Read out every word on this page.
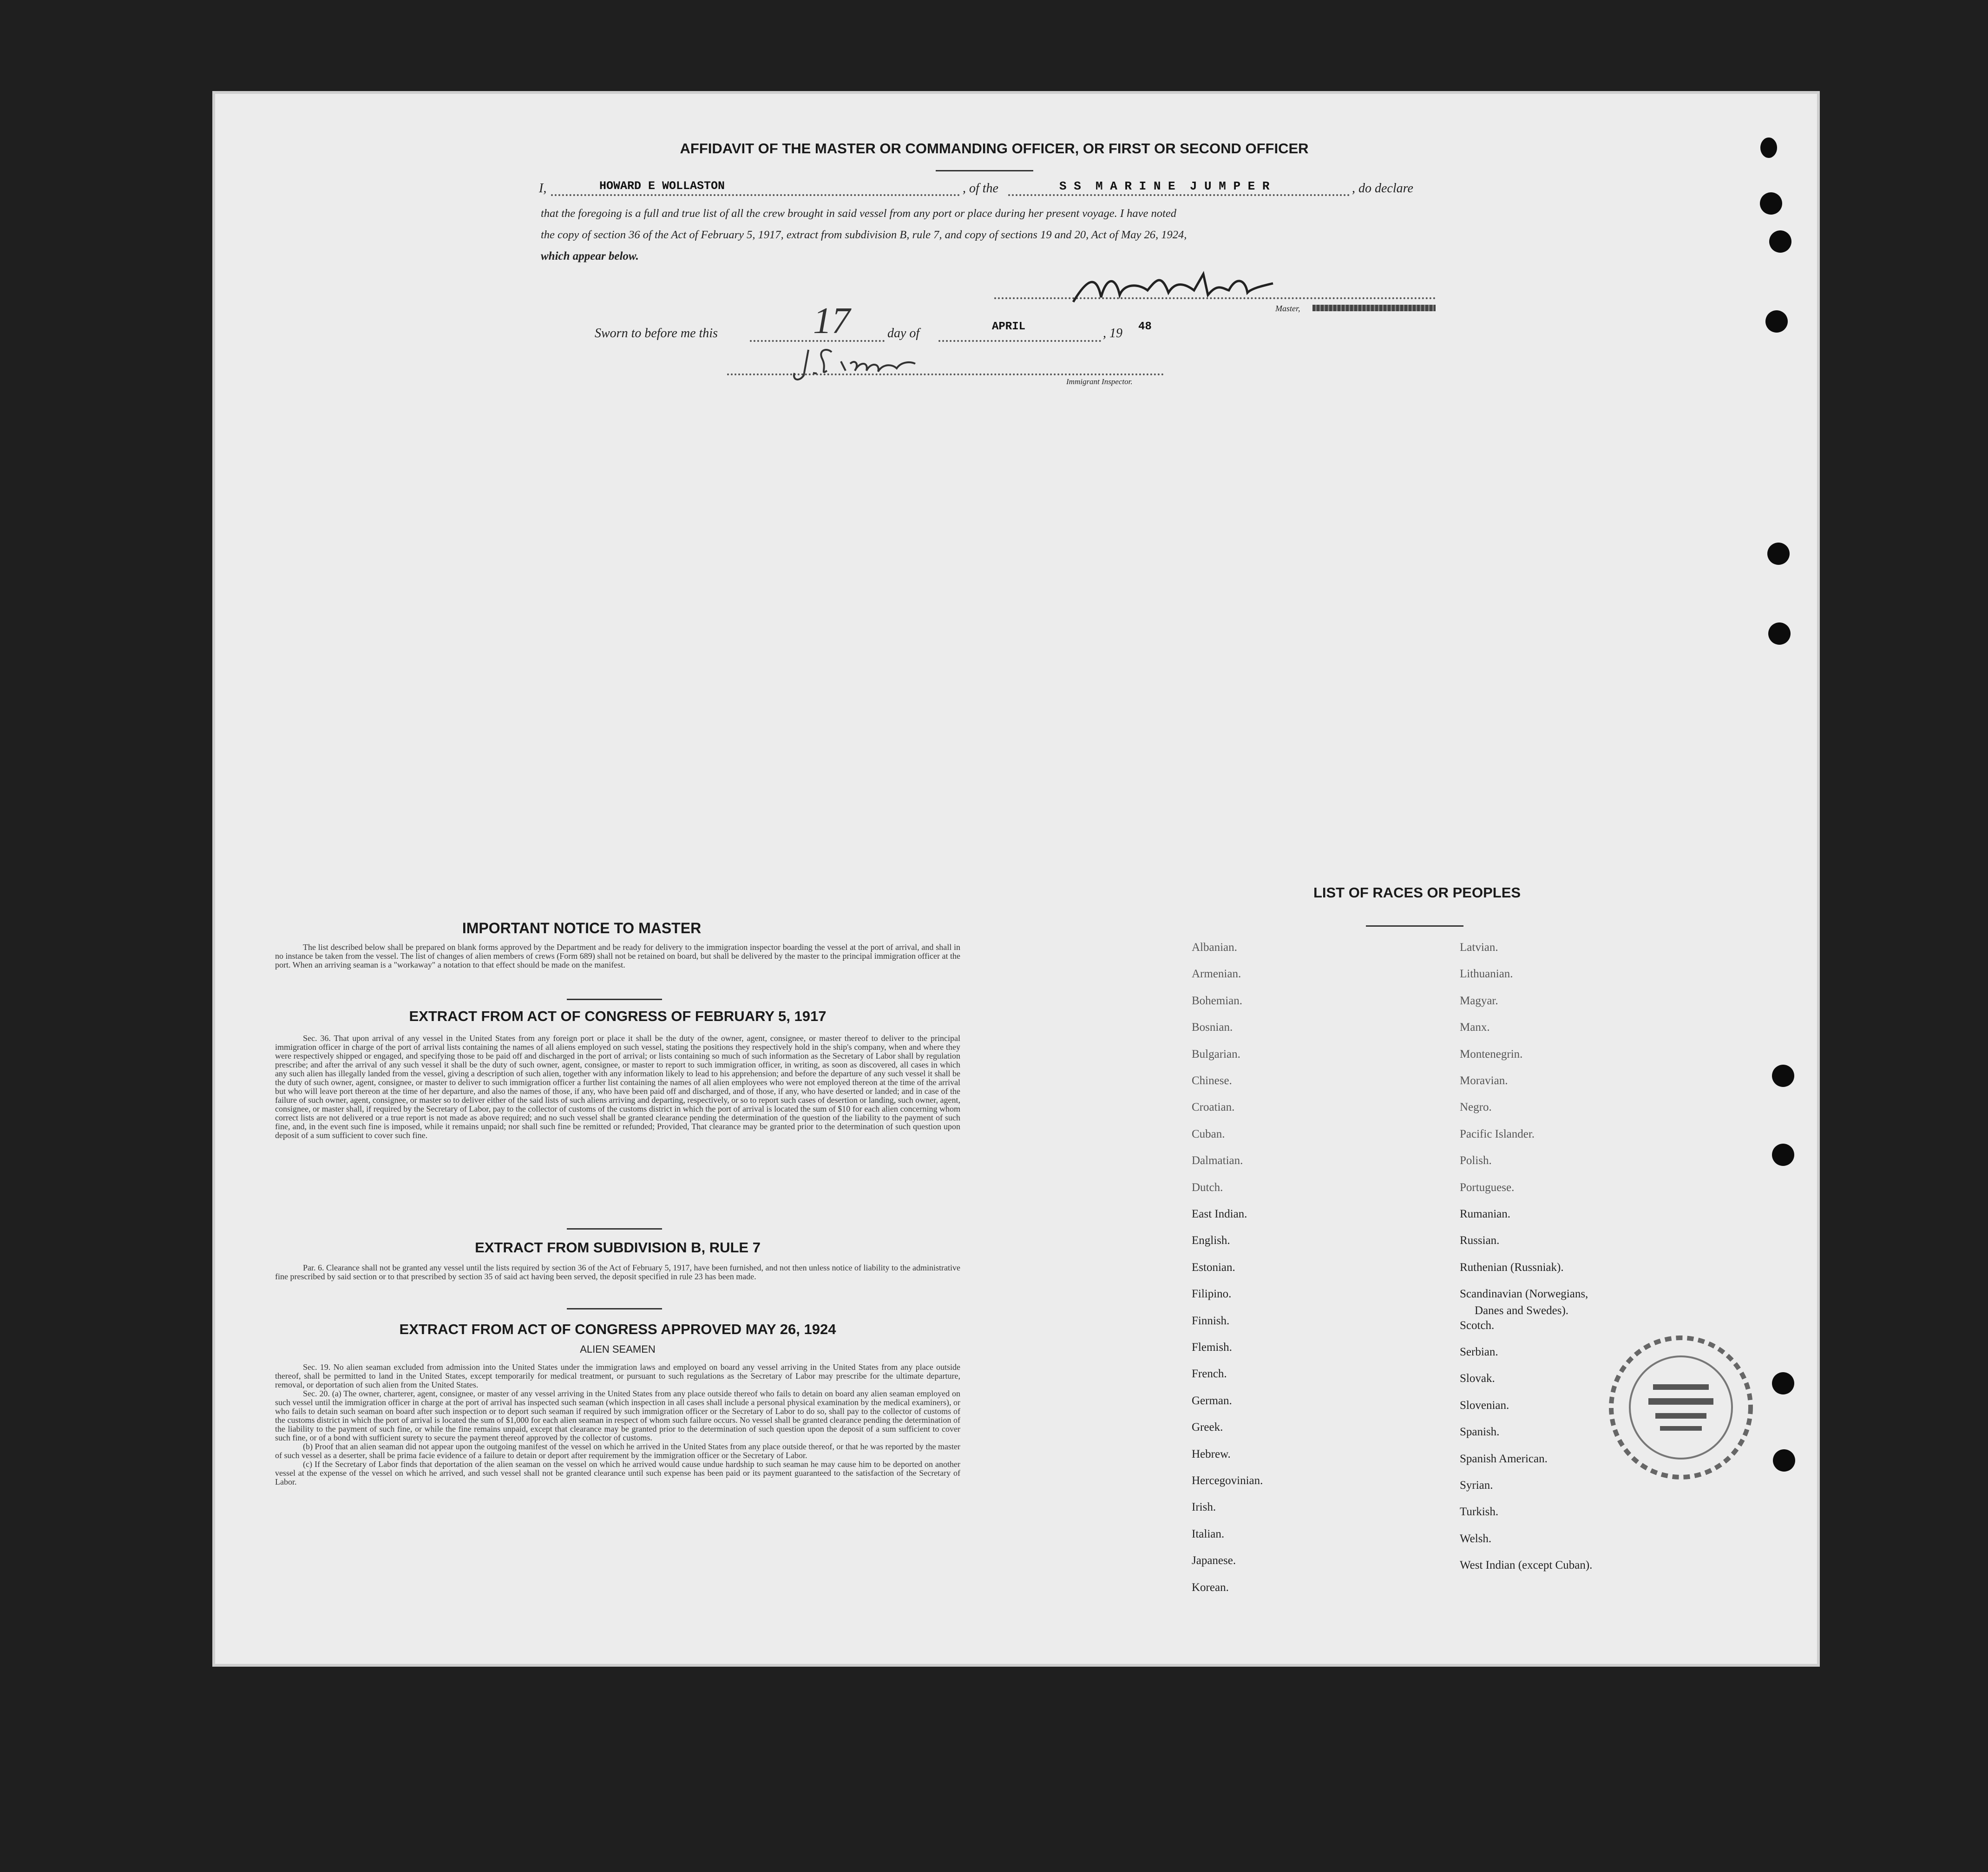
AFFIDAVIT OF THE MASTER OR COMMANDING OFFICER, OR FIRST OR SECOND OFFICER
I,	HOWARD E WOLLASTON	, of the	S S  M A R I N E  J U M P E R	, do declare
that the foregoing is a full and true list of all the crew brought in said vessel from any port or place during her present voyage. I have noted
the copy of section 36 of the Act of February 5, 1917, extract from subdivision B, rule 7, and copy of sections 19 and 20, Act of May 26, 1924,
which appear below.
Master,
Sworn to before me this	17	day of	APRIL	, 19 48
Immigrant Inspector.
IMPORTANT NOTICE TO MASTER
The list described below shall be prepared on blank forms approved by the Department and be ready for delivery to the immigration inspector boarding the vessel at the port of arrival, and shall in no instance be taken from the vessel. The list of changes of alien members of crews (Form 689) shall not be retained on board, but shall be delivered by the master to the principal immigration officer at the port. When an arriving seaman is a "workaway" a notation to that effect should be made on the manifest.
EXTRACT FROM ACT OF CONGRESS OF FEBRUARY 5, 1917
Sec. 36. That upon arrival of any vessel in the United States from any foreign port or place it shall be the duty of the owner, agent, consignee, or master thereof to deliver to the principal immigration officer in charge of the port of arrival lists containing the names of all aliens employed on such vessel, stating the positions they respectively hold in the ship's company, when and where they were respectively shipped or engaged, and specifying those to be paid off and discharged in the port of arrival; or lists containing so much of such information as the Secretary of Labor shall by regulation prescribe; and after the arrival of any such vessel it shall be the duty of such owner, agent, consignee, or master to report to such immigration officer, in writing, as soon as discovered, all cases in which any such alien has illegally landed from the vessel, giving a description of such alien, together with any information likely to lead to his apprehension; and before the departure of any such vessel it shall be the duty of such owner, agent, consignee, or master to deliver to such immigration officer a further list containing the names of all alien employees who were not employed thereon at the time of the arrival but who will leave port thereon at the time of her departure, and also the names of those, if any, who have been paid off and discharged, and of those, if any, who have deserted or landed; and in case of the failure of such owner, agent, consignee, or master so to deliver either of the said lists of such aliens arriving and departing, respectively, or so to report such cases of desertion or landing, such owner, agent, consignee, or master shall, if required by the Secretary of Labor, pay to the collector of customs of the customs district in which the port of arrival is located the sum of $10 for each alien concerning whom correct lists are not delivered or a true report is not made as above required; and no such vessel shall be granted clearance pending the determination of the question of the liability to the payment of such fine, and, in the event such fine is imposed, while it remains unpaid; nor shall such fine be remitted or refunded; Provided, That clearance may be granted prior to the determination of such question upon deposit of a sum sufficient to cover such fine.
EXTRACT FROM SUBDIVISION B, RULE 7
Par. 6. Clearance shall not be granted any vessel until the lists required by section 36 of the Act of February 5, 1917, have been furnished, and not then unless notice of liability to the administrative fine prescribed by said section or to that prescribed by section 35 of said act having been served, the deposit specified in rule 23 has been made.
EXTRACT FROM ACT OF CONGRESS APPROVED MAY 26, 1924
ALIEN SEAMEN
Sec. 19. No alien seaman excluded from admission into the United States under the immigration laws and employed on board any vessel arriving in the United States from any place outside thereof, shall be permitted to land in the United States, except temporarily for medical treatment, or pursuant to such regulations as the Secretary of Labor may prescribe for the ultimate departure, removal, or deportation of such alien from the United States.
Sec. 20. (a) The owner, charterer, agent, consignee, or master of any vessel arriving in the United States from any place outside thereof who fails to detain on board any alien seaman employed on such vessel until the immigration officer in charge at the port of arrival has inspected such seaman (which inspection in all cases shall include a personal physical examination by the medical examiners), or who fails to detain such seaman on board after such inspection or to deport such seaman if required by such immigration officer or the Secretary of Labor to do so, shall pay to the collector of customs of the customs district in which the port of arrival is located the sum of $1,000 for each alien seaman in respect of whom such failure occurs. No vessel shall be granted clearance pending the determination of the liability to the payment of such fine, or while the fine remains unpaid, except that clearance may be granted prior to the determination of such question upon the deposit of a sum sufficient to cover such fine, or of a bond with sufficient surety to secure the payment thereof approved by the collector of customs.
(b) Proof that an alien seaman did not appear upon the outgoing manifest of the vessel on which he arrived in the United States from any place outside thereof, or that he was reported by the master of such vessel as a deserter, shall be prima facie evidence of a failure to detain or deport after requirement by the immigration officer or the Secretary of Labor.
(c) If the Secretary of Labor finds that deportation of the alien seaman on the vessel on which he arrived would cause undue hardship to such seaman he may cause him to be deported on another vessel at the expense of the vessel on which he arrived, and such vessel shall not be granted clearance until such expense has been paid or its payment guaranteed to the satisfaction of the Secretary of Labor.
LIST OF RACES OR PEOPLES
Albanian.
Armenian.
Bohemian.
Bosnian.
Bulgarian.
Chinese.
Croatian.
Cuban.
Dalmatian.
Dutch.
East Indian.
English.
Estonian.
Filipino.
Finnish.
Flemish.
French.
German.
Greek.
Hebrew.
Hercegovinian.
Irish.
Italian.
Japanese.
Korean.
Latvian.
Lithuanian.
Magyar.
Manx.
Montenegrin.
Moravian.
Negro.
Pacific Islander.
Polish.
Portuguese.
Rumanian.
Russian.
Ruthenian (Russniak).
Scandinavian (Norwegians,
Danes and Swedes).
Scotch.
Serbian.
Slovak.
Slovenian.
Spanish.
Spanish American.
Syrian.
Turkish.
Welsh.
West Indian (except Cuban).
